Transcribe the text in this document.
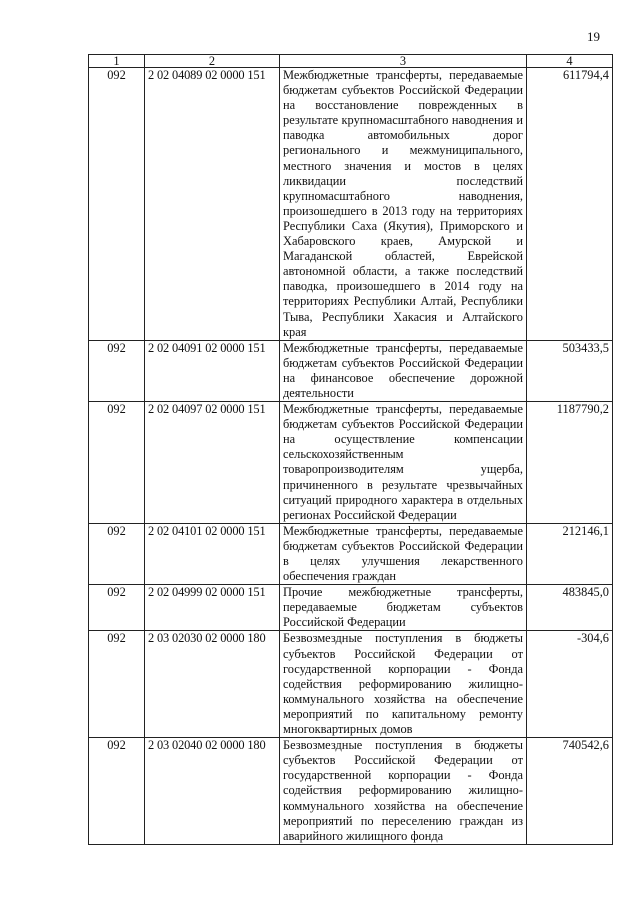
19
1	2	3	4
092	2 02 04089 02 0000 151	Межбюджетные трансферты, передаваемые бюджетам субъектов Российской Федерации на восстановление поврежденных в результате крупномасштабного наводнения и паводка автомобильных дорог регионального и межмуниципального, местного значения и мостов в целях ликвидации последствий крупномасштабного наводнения, произошедшего в 2013 году на территориях Республики Саха (Якутия), Приморского и Хабаровского краев, Амурской и Магаданской областей, Еврейской автономной области, а также последствий паводка, произошедшего в 2014 году на территориях Республики Алтай, Республики Тыва, Республики Хакасия и Алтайского края	611794,4
092	2 02 04091 02 0000 151	Межбюджетные трансферты, передаваемые бюджетам субъектов Российской Федерации на финансовое обеспечение дорожной деятельности	503433,5
092	2 02 04097 02 0000 151	Межбюджетные трансферты, передаваемые бюджетам субъектов Российской Федерации на осуществление компенсации сельскохозяйственным товаропроизводителям ущерба, причиненного в результате чрезвычайных ситуаций природного характера в отдельных регионах Российской Федерации	1187790,2
092	2 02 04101 02 0000 151	Межбюджетные трансферты, передаваемые бюджетам субъектов Российской Федерации в целях улучшения лекарственного обеспечения граждан	212146,1
092	2 02 04999 02 0000 151	Прочие межбюджетные трансферты, передаваемые бюджетам субъектов Российской Федерации	483845,0
092	2 03 02030 02 0000 180	Безвозмездные поступления в бюджеты субъектов Российской Федерации от государственной корпорации - Фонда содействия реформированию жилищно-коммунального хозяйства на обеспечение мероприятий по капитальному ремонту многоквартирных домов	-304,6
092	2 03 02040 02 0000 180	Безвозмездные поступления в бюджеты субъектов Российской Федерации от государственной корпорации - Фонда содействия реформированию жилищно-коммунального хозяйства на обеспечение мероприятий по переселению граждан из аварийного жилищного фонда	740542,6
